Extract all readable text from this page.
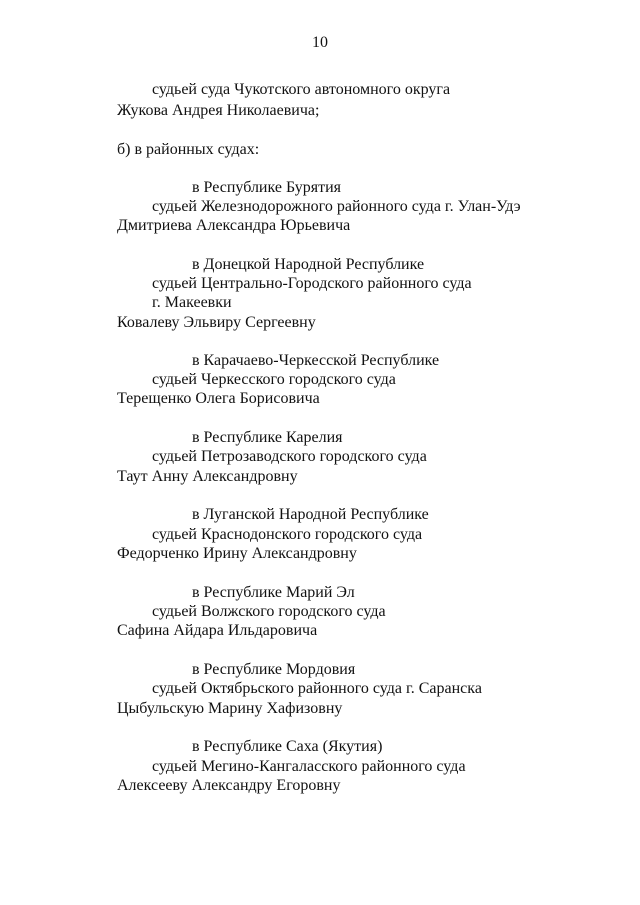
10
судьей суда Чукотского автономного округа
Жукова Андрея Николаевича;
б) в районных судах:
в Республике Бурятия
судьей Железнодорожного районного суда г. Улан-Удэ
Дмитриева Александра Юрьевича
в Донецкой Народной Республике
судьей Центрально-Городского районного суда
г. Макеевки
Ковалеву Эльвиру Сергеевну
в Карачаево-Черкесской Республике
судьей Черкесского городского суда
Терещенко Олега Борисовича
в Республике Карелия
судьей Петрозаводского городского суда
Таут Анну Александровну
в Луганской Народной Республике
судьей Краснодонского городского суда
Федорченко Ирину Александровну
в Республике Марий Эл
судьей Волжского городского суда
Сафина Айдара Ильдаровича
в Республике Мордовия
судьей Октябрьского районного суда г. Саранска
Цыбульскую Марину Хафизовну
в Республике Саха (Якутия)
судьей Мегино-Кангаласского районного суда
Алексееву Александру Егоровну
